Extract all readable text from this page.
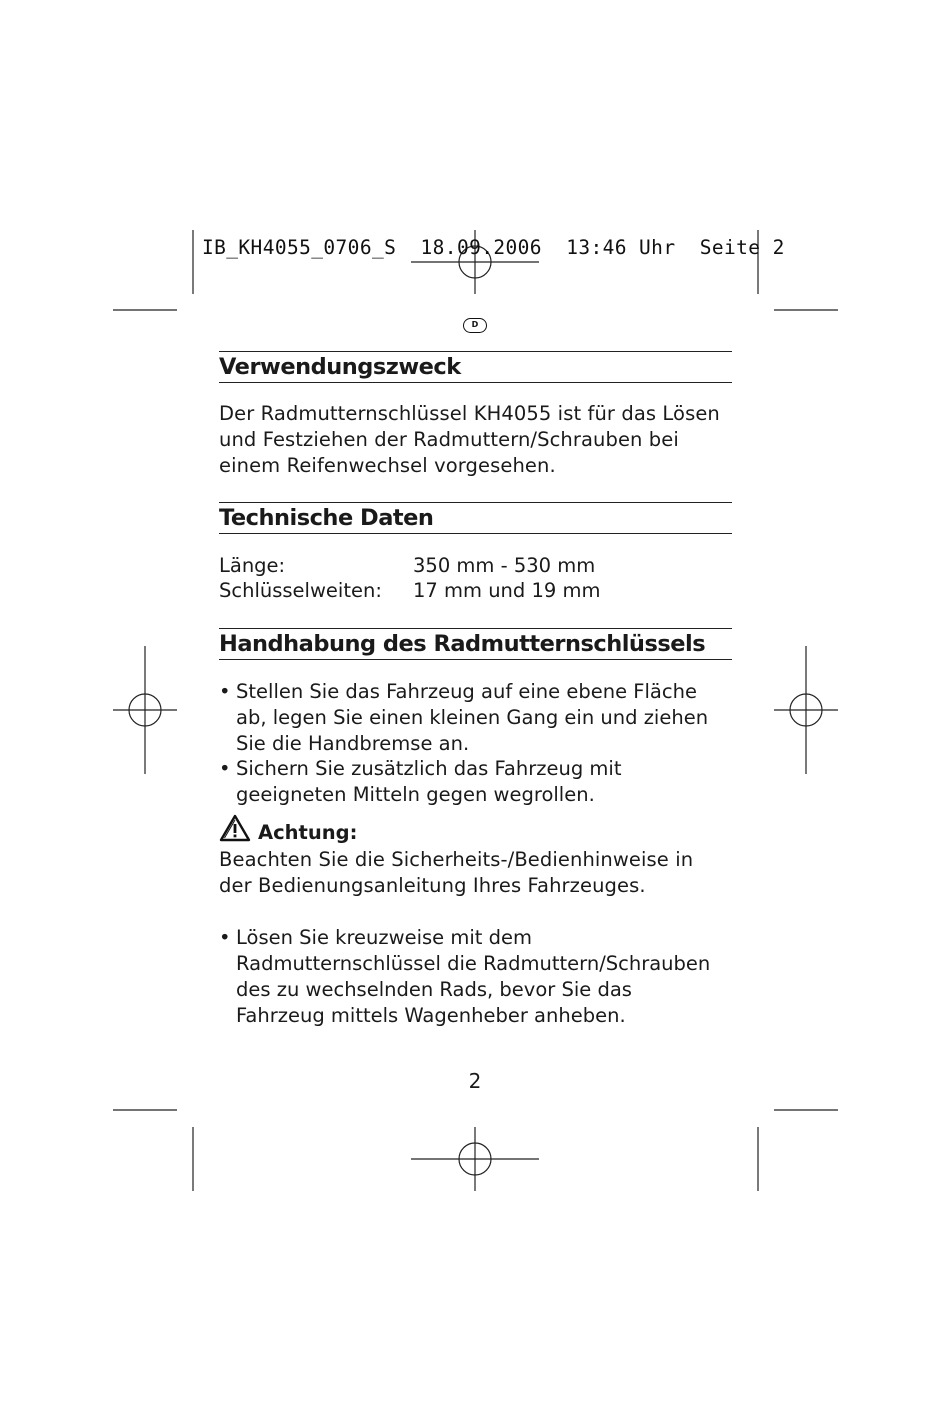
IB_KH4055_0706_S  18.09.2006  13:46 Uhr  Seite 2
D
Verwendungszweck
Der Radmutternschlüssel KH4055 ist für das Lösen
und Festziehen der Radmuttern/Schrauben bei
einem Reifenwechsel vorgesehen.
Technische Daten
Länge:	350 mm - 530 mm
Schlüsselweiten: 17 mm und 19 mm
Handhabung des Radmutternschlüssels
• Stellen Sie das Fahrzeug auf eine ebene Fläche
ab, legen Sie einen kleinen Gang ein und ziehen
Sie die Handbremse an.
• Sichern Sie zusätzlich das Fahrzeug mit
geeigneten Mitteln gegen wegrollen.
Achtung:
Beachten Sie die Sicherheits-/Bedienhinweise in
der Bedienungsanleitung Ihres Fahrzeuges.
• Lösen Sie kreuzweise mit dem
Radmutternschlüssel die Radmuttern/Schrauben
des zu wechselnden Rads, bevor Sie das
Fahrzeug mittels Wagenheber anheben.
2
